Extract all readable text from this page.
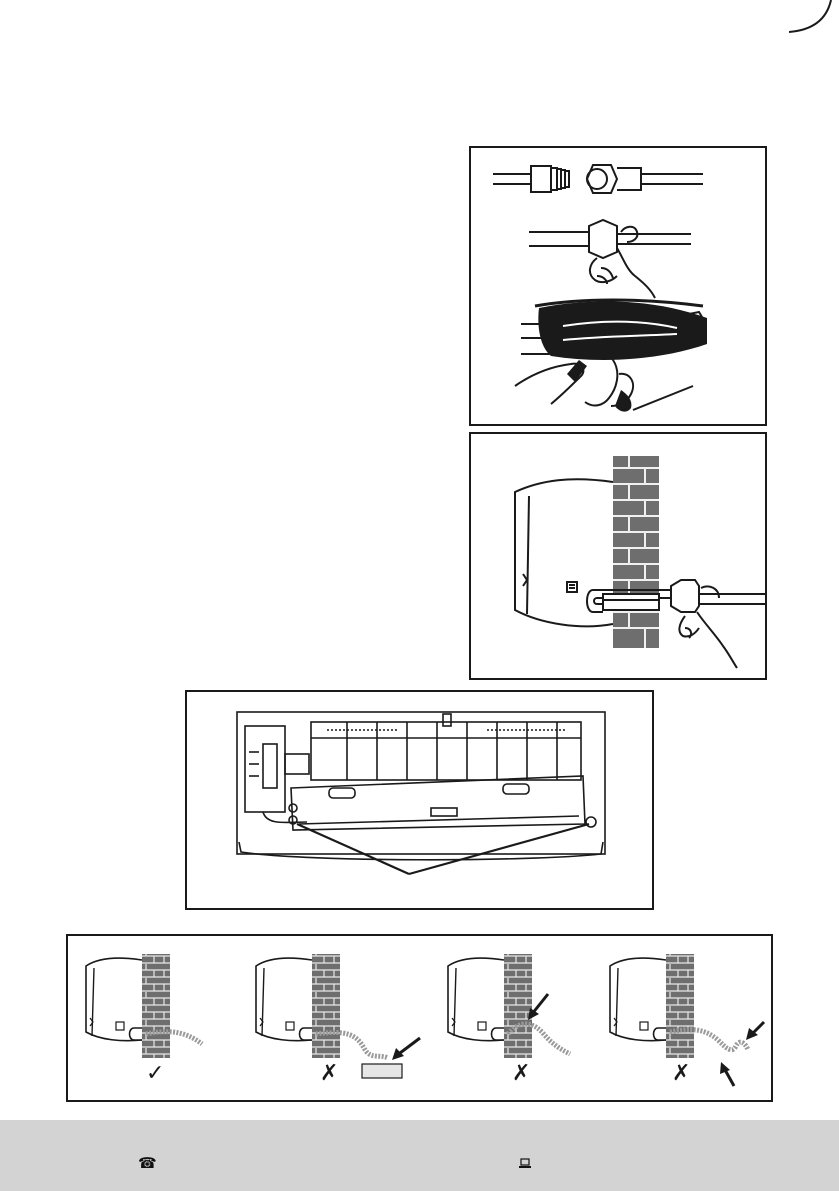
✓	✗	✗	✗
☎
